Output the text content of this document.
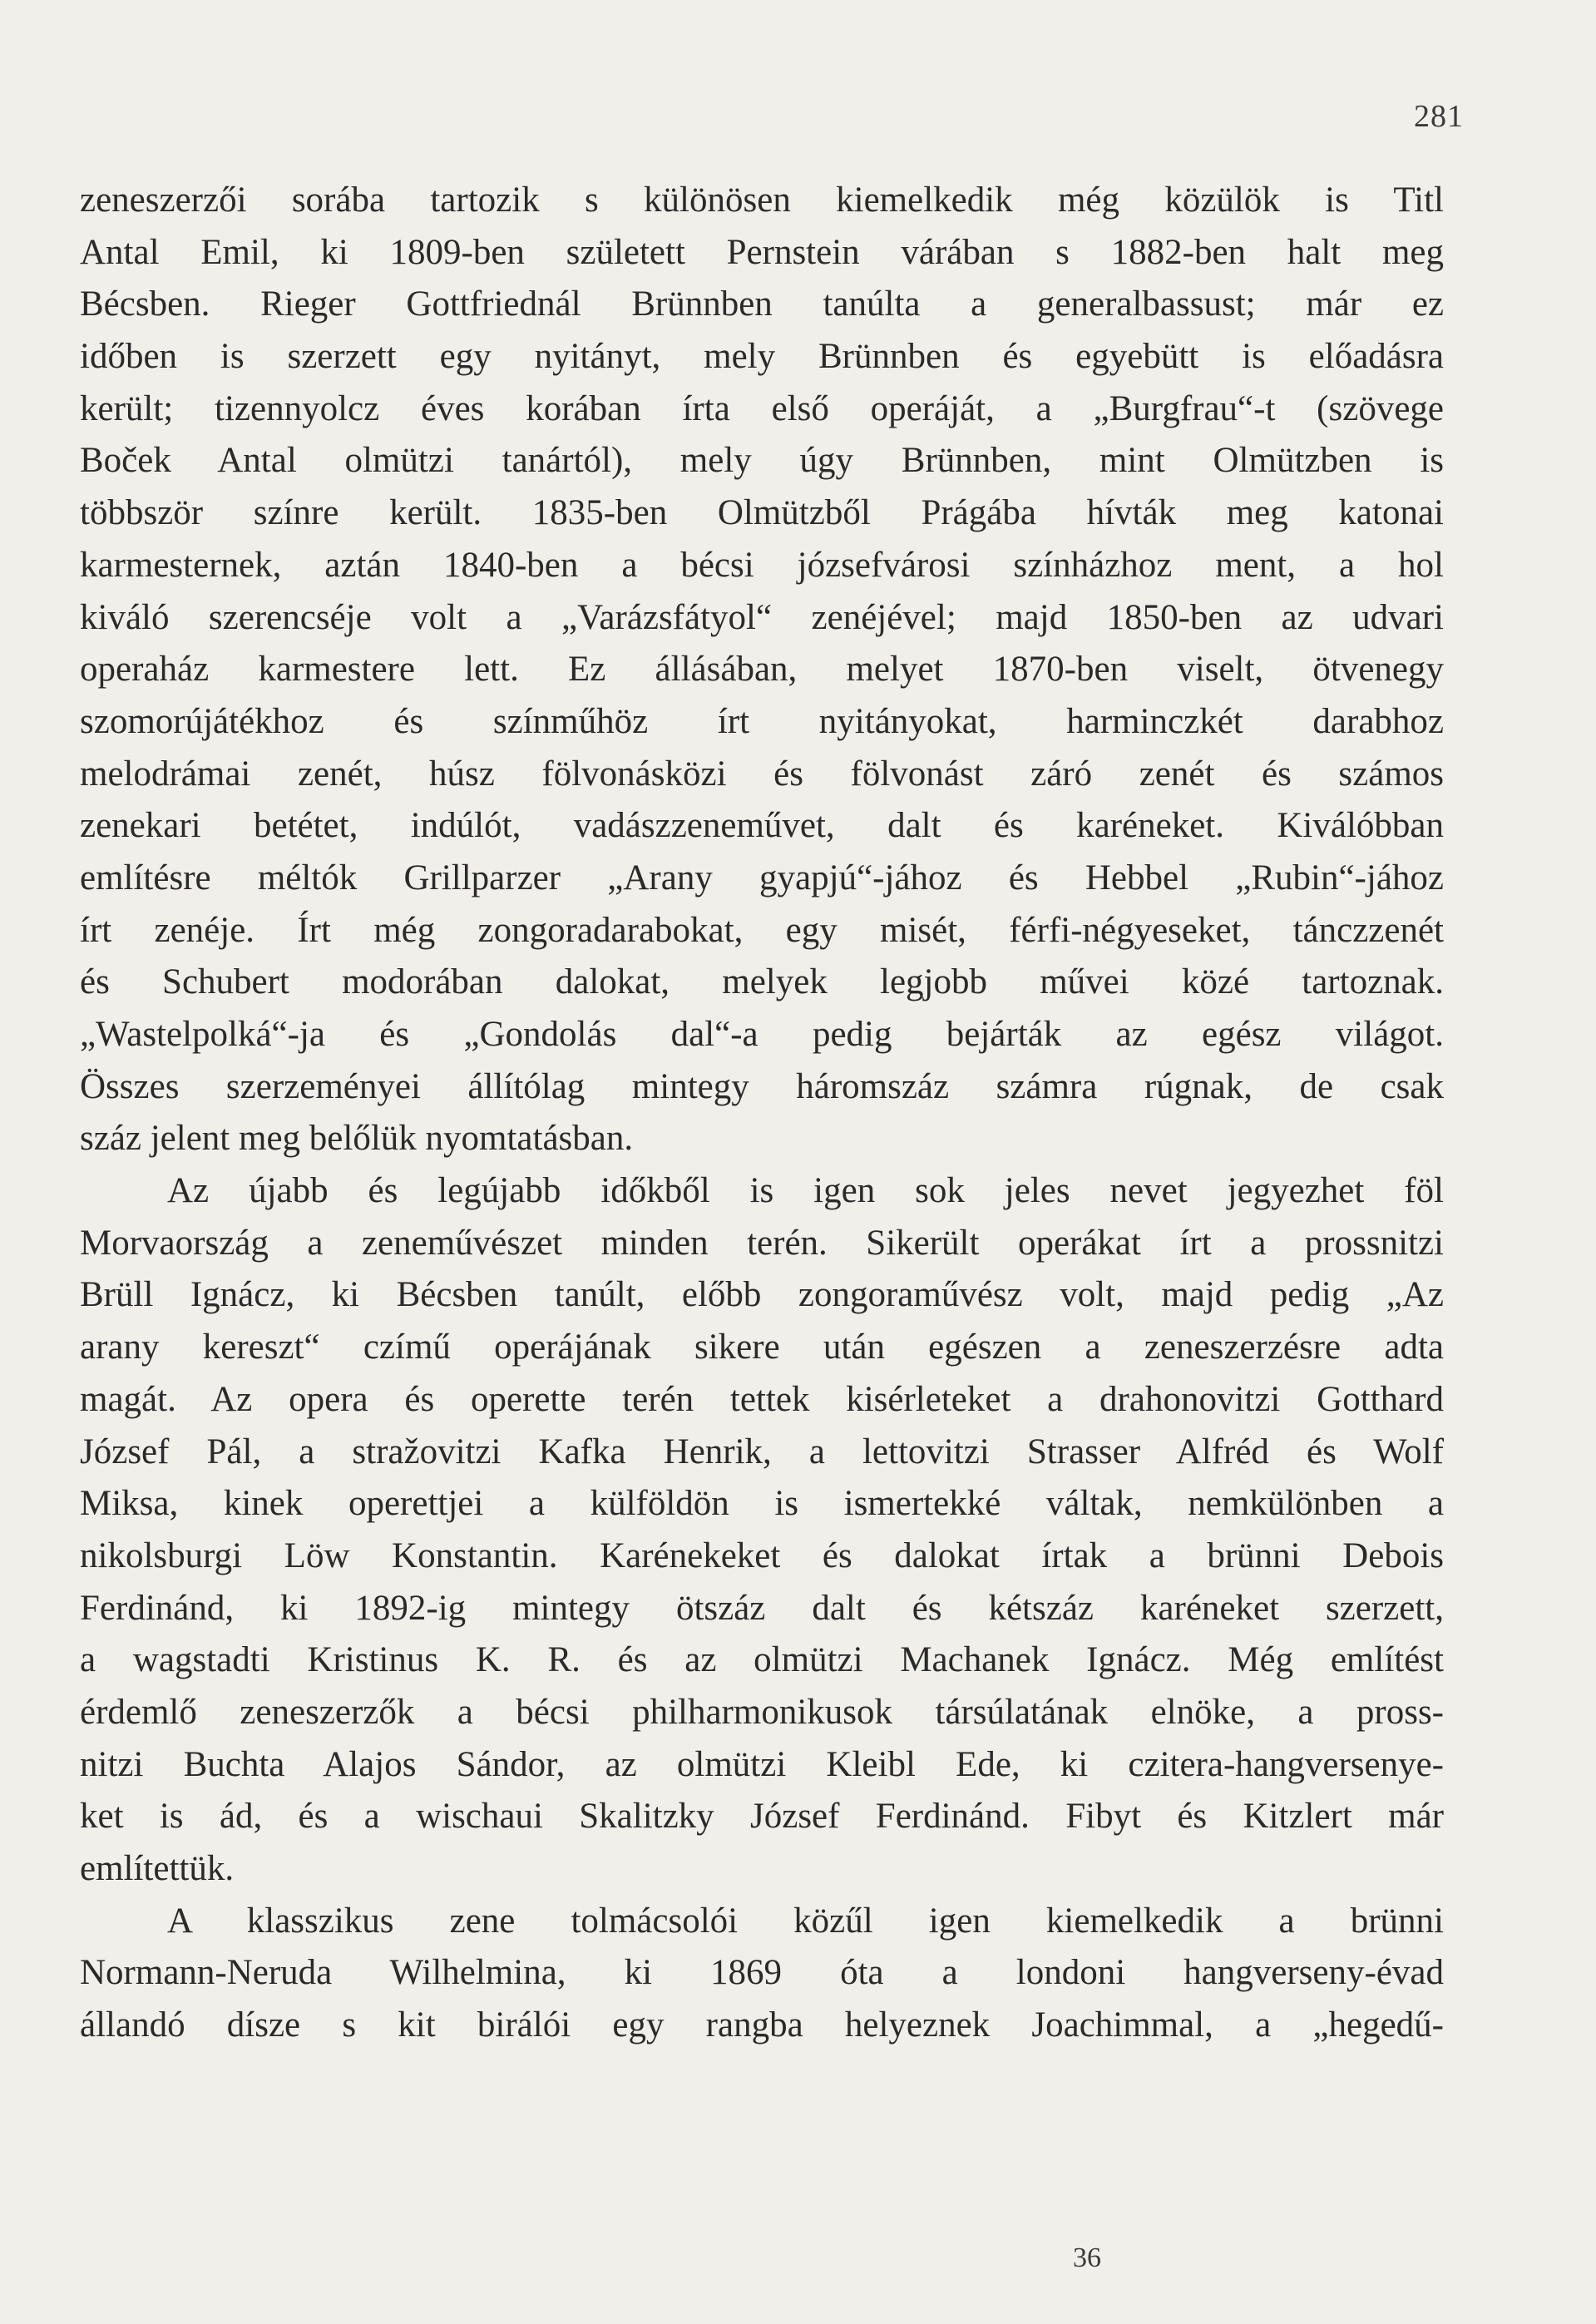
281
zeneszerzői sorába tartozik s különösen kiemelkedik még közülök is Titl
Antal Emil, ki 1809-ben született Pernstein várában s 1882-ben halt meg
Bécsben. Rieger Gottfriednál Brünnben tanúlta a generalbassust; már ez
időben is szerzett egy nyitányt, mely Brünnben és egyebütt is előadásra
került; tizennyolcz éves korában írta első operáját, a „Burgfrau“-t (szövege
Boček Antal olmützi tanártól), mely úgy Brünnben, mint Olmützben is
többször színre került. 1835-ben Olmützből Prágába hívták meg katonai
karmesternek, aztán 1840-ben a bécsi józsefvárosi színházhoz ment, a hol
kiváló szerencséje volt a „Varázsfátyol“ zenéjével; majd 1850-ben az udvari
operaház karmestere lett. Ez állásában, melyet 1870-ben viselt, ötvenegy
szomorújátékhoz és színműhöz írt nyitányokat, harminczkét darabhoz
melodrámai zenét, húsz fölvonásközi és fölvonást záró zenét és számos
zenekari betétet, indúlót, vadászzeneművet, dalt és karéneket. Kiválóbban
említésre méltók Grillparzer „Arany gyapjú“-jához és Hebbel „Rubin“-jához
írt zenéje. Írt még zongoradarabokat, egy misét, férfi-négyeseket, tánczzenét
és Schubert modorában dalokat, melyek legjobb művei közé tartoznak.
„Wastelpolká“-ja és „Gondolás dal“-a pedig bejárták az egész világot.
Összes szerzeményei állítólag mintegy háromszáz számra rúgnak, de csak
száz jelent meg belőlük nyomtatásban.
Az újabb és legújabb időkből is igen sok jeles nevet jegyezhet föl
Morvaország a zeneművészet minden terén. Sikerült operákat írt a prossnitzi
Brüll Ignácz, ki Bécsben tanúlt, előbb zongoraművész volt, majd pedig „Az
arany kereszt“ czímű operájának sikere után egészen a zeneszerzésre adta
magát. Az opera és operette terén tettek kisérleteket a drahonovitzi Gotthard
József Pál, a stražovitzi Kafka Henrik, a lettovitzi Strasser Alfréd és Wolf
Miksa, kinek operettjei a külföldön is ismertekké váltak, nemkülönben a
nikolsburgi Löw Konstantin. Karénekeket és dalokat írtak a brünni Debois
Ferdinánd, ki 1892-ig mintegy ötszáz dalt és kétszáz karéneket szerzett,
a wagstadti Kristinus K. R. és az olmützi Machanek Ignácz. Még említést
érdemlő zeneszerzők a bécsi philharmonikusok társúlatának elnöke, a pross-
nitzi Buchta Alajos Sándor, az olmützi Kleibl Ede, ki czitera-hangversenye-
ket is ád, és a wischaui Skalitzky József Ferdinánd. Fibyt és Kitzlert már
említettük.
A klasszikus zene tolmácsolói közűl igen kiemelkedik a brünni
Normann-Neruda Wilhelmina, ki 1869 óta a londoni hangverseny-évad
állandó dísze s kit birálói egy rangba helyeznek Joachimmal, a „hegedű-
36
